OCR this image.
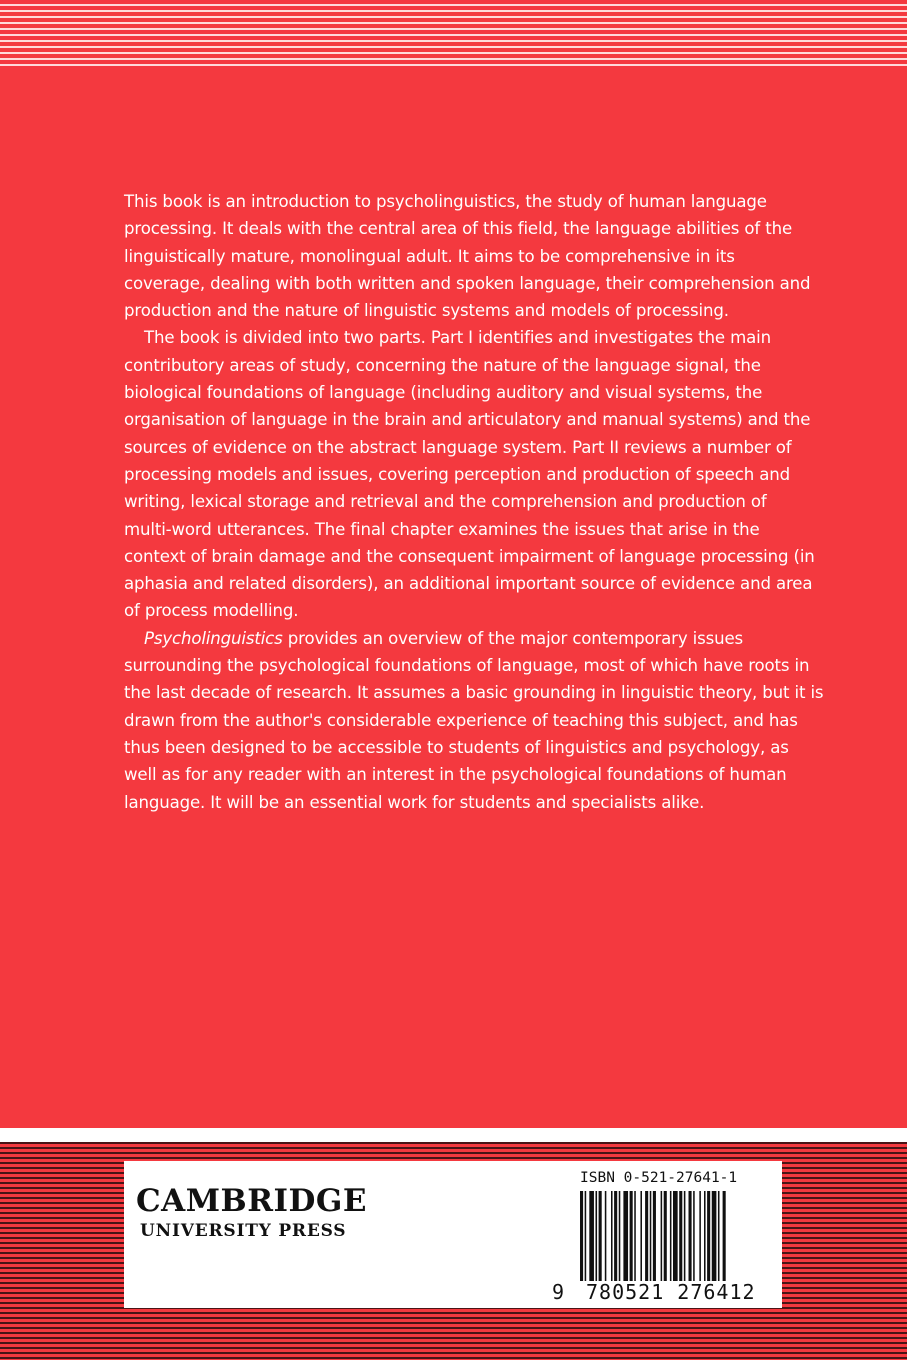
This book is an introduction to psycholinguistics, the study of human language
processing. It deals with the central area of this field, the language abilities of the
linguistically mature, monolingual adult. It aims to be comprehensive in its
coverage, dealing with both written and spoken language, their comprehension and
production and the nature of linguistic systems and models of processing.

The book is divided into two parts. Part I identifies and investigates the main
contributory areas of study, concerning the nature of the language signal, the
biological foundations of language (including auditory and visual systems, the
organisation of language in the brain and articulatory and manual systems) and the
sources of evidence on the abstract language system. Part II reviews a number of
processing models and issues, covering perception and production of speech and
writing, lexical storage and retrieval and the comprehension and production of
multi-word utterances. The final chapter examines the issues that arise in the
context of brain damage and the consequent impairment of language processing (in
aphasia and related disorders), an additional important source of evidence and area
of process modelling.

Psycholinguistics provides an overview of the major contemporary issues
surrounding the psychological foundations of language, most of which have roots in
the last decade of research. It assumes a basic grounding in linguistic theory, but it is
drawn from the author's considerable experience of teaching this subject, and has
thus been designed to be accessible to students of linguistics and psychology, as
well as for any reader with an interest in the psychological foundations of human
language. It will be an essential work for students and specialists alike.

CAMBRIDGE
UNIVERSITY PRESS
ISBN 0-521-27641-1
9 780521 276412
